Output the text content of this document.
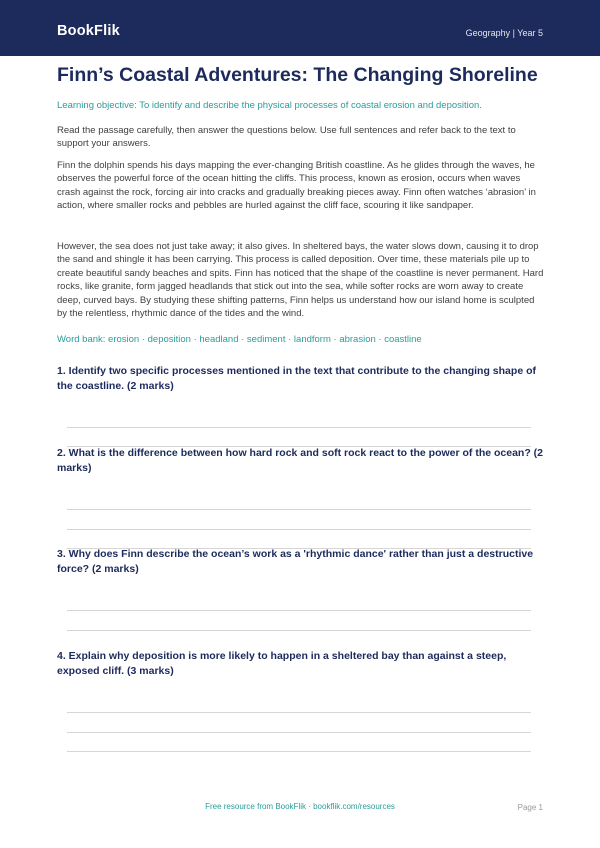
BookFlik	Geography | Year 5
Finn’s Coastal Adventures: The Changing Shoreline
Learning objective: To identify and describe the physical processes of coastal erosion and deposition.

Read the passage carefully, then answer the questions below. Use full sentences and refer back to the text to support your answers.

Finn the dolphin spends his days mapping the ever-changing British coastline. As he glides through the waves, he observes the powerful force of the ocean hitting the cliffs. This process, known as erosion, occurs when waves crash against the rock, forcing air into cracks and gradually breaking pieces away. Finn often watches ‘abrasion’ in action, where smaller rocks and pebbles are hurled against the cliff face, scouring it like sandpaper.

However, the sea does not just take away; it also gives. In sheltered bays, the water slows down, causing it to drop the sand and shingle it has been carrying. This process is called deposition. Over time, these materials pile up to create beautiful sandy beaches and spits. Finn has noticed that the shape of the coastline is never permanent. Hard rocks, like granite, form jagged headlands that stick out into the sea, while softer rocks are worn away to create deep, curved bays. By studying these shifting patterns, Finn helps us understand how our island home is sculpted by the relentless, rhythmic dance of the tides and the wind.

Word bank: erosion · deposition · headland · sediment · landform · abrasion · coastline

1. Identify two specific processes mentioned in the text that contribute to the changing shape of the coastline. (2 marks)

2. What is the difference between how hard rock and soft rock react to the power of the ocean? (2 marks)

3. Why does Finn describe the ocean’s work as a 'rhythmic dance' rather than just a destructive force? (2 marks)

4. Explain why deposition is more likely to happen in a sheltered bay than against a steep, exposed cliff. (3 marks)

Free resource from BookFlik · bookflik.com/resources	Page 1
